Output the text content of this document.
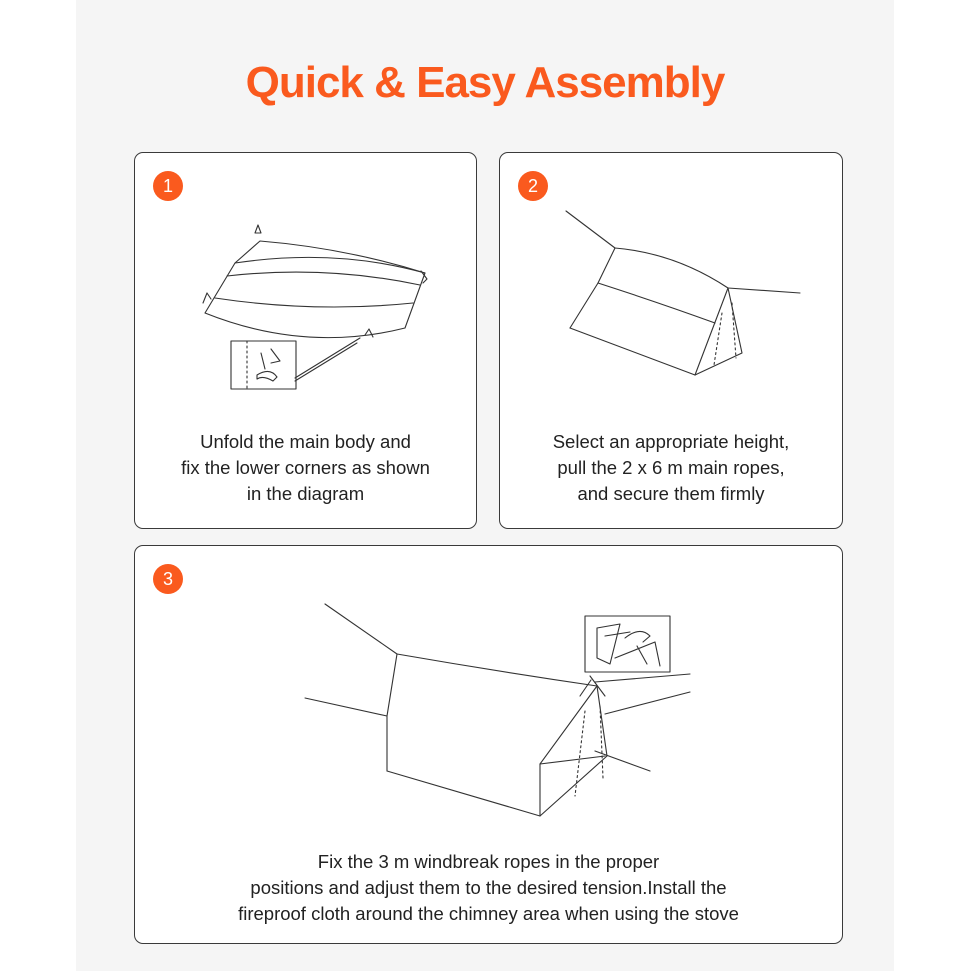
Quick & Easy Assembly
1
Unfold the main body and
fix the lower corners as shown
in the diagram
2
Select an appropriate height,
pull the 2 x 6 m main ropes,
and secure them firmly
3
Fix the 3 m windbreak ropes in the proper
positions and adjust them to the desired tension.Install the
fireproof cloth around the chimney area when using the stove
